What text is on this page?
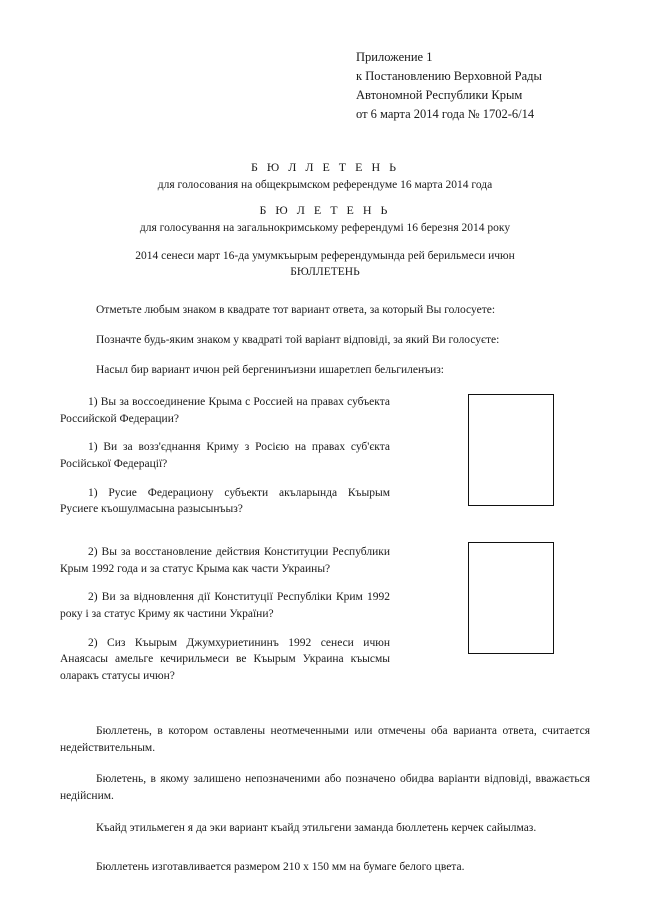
Приложение 1
к Постановлению Верховной Рады
Автономной Республики Крым
от 6 марта 2014 года № 1702-6/14
Б Ю Л Л Е Т Е Н Ь
для голосования на общекрымском референдуме 16 марта 2014 года
Б Ю Л Е Т Е Н Ь
для голосування на загальнокримському референдумі 16 березня 2014 року
2014 сенеси март 16-да умумкъырым референдумында рей берильмеси ичюн
БЮЛЛЕТЕНЬ

Отметьте любым знаком в квадрате тот вариант ответа, за который Вы голосуете:

Позначте будь-яким знаком у квадраті той варіант відповіді, за який Ви голосуєте:

Насыл бир вариант ичюн рей бергенинъизни ишаретлеп бельгиленъиз:

1) Вы за воссоединение Крыма с Россией на правах субъекта Российской Федерации?

1) Ви за возз'єднання Криму з Росією на правах суб'єкта Російської Федерації?

1) Русие Федерациону субъекти акъларында Къырым Русиеге къошулмасына разысынъыз?

2) Вы за восстановление действия Конституции Республики Крым 1992 года и за статус Крыма как части Украины?

2) Ви за відновлення дії Конституції Республіки Крим 1992 року і за статус Криму як частини України?

2) Сиз Къырым Джумхуриетининъ 1992 сенеси ичюн Анаясасы амельге кечирильмеси ве Къырым Украина къысмы оларакъ статусы ичюн?

Бюллетень, в котором оставлены неотмеченными или отмечены оба варианта ответа, считается недействительным.

Бюлетень, в якому залишено непозначеними або позначено обидва варіанти відповіді, вважається недійсним.

Къайд этильмеген я да эки вариант къайд этильгени заманда бюллетень керчек сайылмаз.

Бюллетень изготавливается размером 210 х 150 мм на бумаге белого цвета.
